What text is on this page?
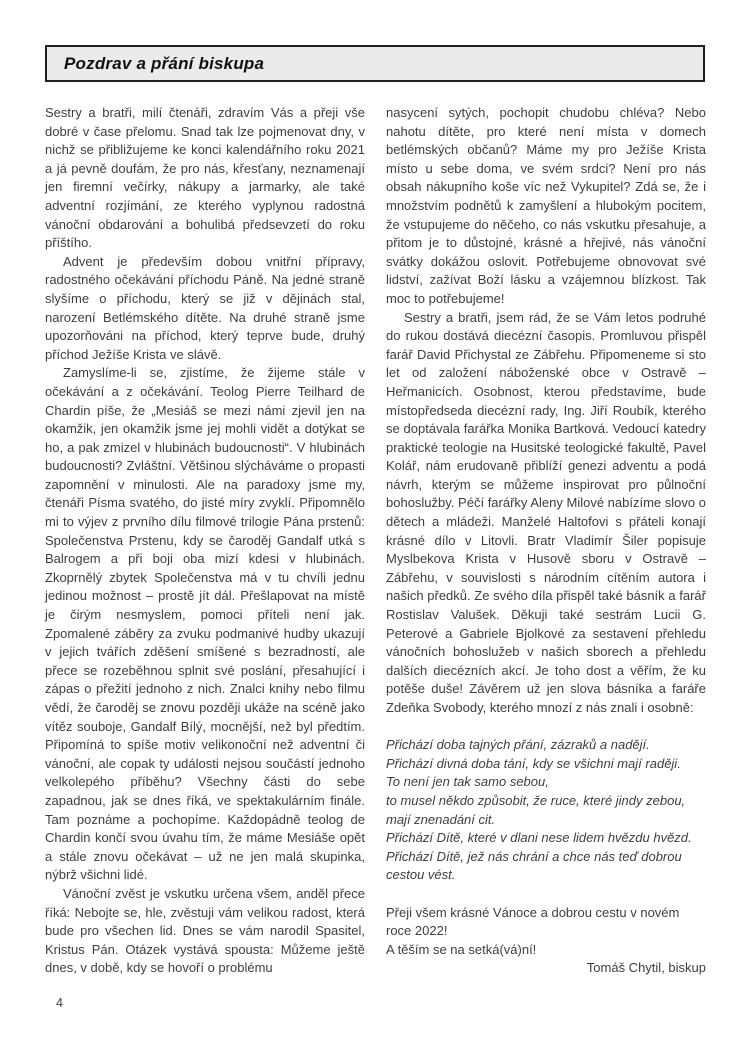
Pozdrav a přání biskupa

Sestry a bratři, milí čtenáři, zdravím Vás a přeji vše dobré v čase přelomu. Snad tak lze pojmenovat dny, v nichž se přibližujeme ke konci kalendářního roku 2021 a já pevně doufám, že pro nás, křesťany, neznamenají jen firemní večírky, nákupy a jarmarky, ale také adventní rozjímání, ze kterého vyplynou radostná vánoční obdarování a bohulibá předsevzetí do roku příštího.

Advent je především dobou vnitřní přípravy, radostného očekávání příchodu Páně. Na jedné straně slyšíme o příchodu, který se již v dějinách stal, narození Betlémského dítěte. Na druhé straně jsme upozorňováni na příchod, který teprve bude, druhý příchod Ježíše Krista ve slávě.

Zamyslíme-li se, zjistíme, že žijeme stále v očekávání a z očekávání. Teolog Pierre Teilhard de Chardin píše, že „Mesiáš se mezi námi zjevil jen na okamžik, jen okamžik jsme jej mohli vidět a dotýkat se ho, a pak zmizel v hlubinách budoucnosti“. V hlubinách budoucnosti? Zvláštní. Většinou slýcháváme o propasti zapomnění v minulosti. Ale na paradoxy jsme my, čtenáři Písma svatého, do jisté míry zvyklí. Připomnělo mi to výjev z prvního dílu filmové trilogie Pána prstenů: Společenstva Prstenu, kdy se čaroděj Gandalf utká s Balrogem a při boji oba mizí kdesi v hlubinách. Zkoprnělý zbytek Společenstva má v tu chvíli jednu jedinou možnost – prostě jít dál. Přešlapovat na místě je čirým nesmyslem, pomoci příteli není jak. Zpomalené záběry za zvuku podmanivé hudby ukazují v jejich tvářích zděšení smíšené s bezradností, ale přece se rozeběhnou splnit své poslání, přesahující i zápas o přežití jednoho z nich. Znalci knihy nebo filmu vědí, že čaroděj se znovu později ukáže na scéně jako vítěz souboje, Gandalf Bílý, mocnější, než byl předtím. Připomíná to spíše motiv velikonoční než adventní či vánoční, ale copak ty události nejsou součástí jednoho velkolepého příběhu? Všechny části do sebe zapadnou, jak se dnes říká, ve spektakulárním finále. Tam poznáme a pochopíme. Každopádně teolog de Chardin končí svou úvahu tím, že máme Mesiáše opět a stále znovu očekávat – už ne jen malá skupinka, nýbrž všichni lidé.

Vánoční zvěst je vskutku určena všem, anděl přece říká: Nebojte se, hle, zvěstuji vám velikou radost, která bude pro všechen lid. Dnes se vám narodil Spasitel, Kristus Pán. Otázek vystává spousta: Můžeme ještě dnes, v době, kdy se hovoří o problému

nasycení sytých, pochopit chudobu chléva? Nebo nahotu dítěte, pro které není místa v domech betlémských občanů? Máme my pro Ježíše Krista místo u sebe doma, ve svém srdci? Není pro nás obsah nákupního koše víc než Vykupitel? Zdá se, že i množstvím podnětů k zamyšlení a hlubokým pocitem, že vstupujeme do něčeho, co nás vskutku přesahuje, a přitom je to důstojné, krásné a hřejivé, nás vánoční svátky dokážou oslovit. Potřebujeme obnovovat své lidství, zažívat Boží lásku a vzájemnou blízkost. Tak moc to potřebujeme!

Sestry a bratři, jsem rád, že se Vám letos podruhé do rukou dostává diecézní časopis. Promluvou přispěl farář David Přichystal ze Zábřehu. Připomeneme si sto let od založení náboženské obce v Ostravě – Heřmanicích. Osobnost, kterou představíme, bude místopředseda diecézní rady, Ing. Jiří Roubík, kterého se doptávala farářka Monika Bartková. Vedoucí katedry praktické teologie na Husitské teologické fakultě, Pavel Kolář, nám erudovaně přiblíží genezi adventu a podá návrh, kterým se můžeme inspirovat pro půlnoční bohoslužby. Péčí farářky Aleny Milové nabízíme slovo o dětech a mládeži. Manželé Haltofovi s přáteli konají krásné dílo v Litovli. Bratr Vladimír Šiler popisuje Myslbekova Krista v Husově sboru v Ostravě – Zábřehu, v souvislosti s národním cítěním autora i našich předků. Ze svého díla přispěl také básník a farář Rostislav Valušek. Děkuji také sestrám Lucii G. Peterové a Gabriele Bjolkové za sestavení přehledu vánočních bohoslužeb v našich sborech a přehledu dalších diecézních akcí. Je toho dost a věřím, že ku potěše duše! Závěrem už jen slova básníka a faráře Zdeňka Svobody, kterého mnozí z nás znali i osobně:

Přichází doba tajných přání, zázraků a nadějí.
Přichází divná doba tání, kdy se všichni mají raději.
To není jen tak samo sebou,
to musel někdo způsobit, že ruce, které jindy zebou,
mají znenadání cit.
Přichází Dítě, které v dlani nese lidem hvězdu hvězd.
Přichází Dítě, jež nás chrání a chce nás teď dobrou
cestou vést.

Přeji všem krásné Vánoce a dobrou cestu v novém roce 2022!

A těším se na setká(vá)ní!

Tomáš Chytil, biskup

4
